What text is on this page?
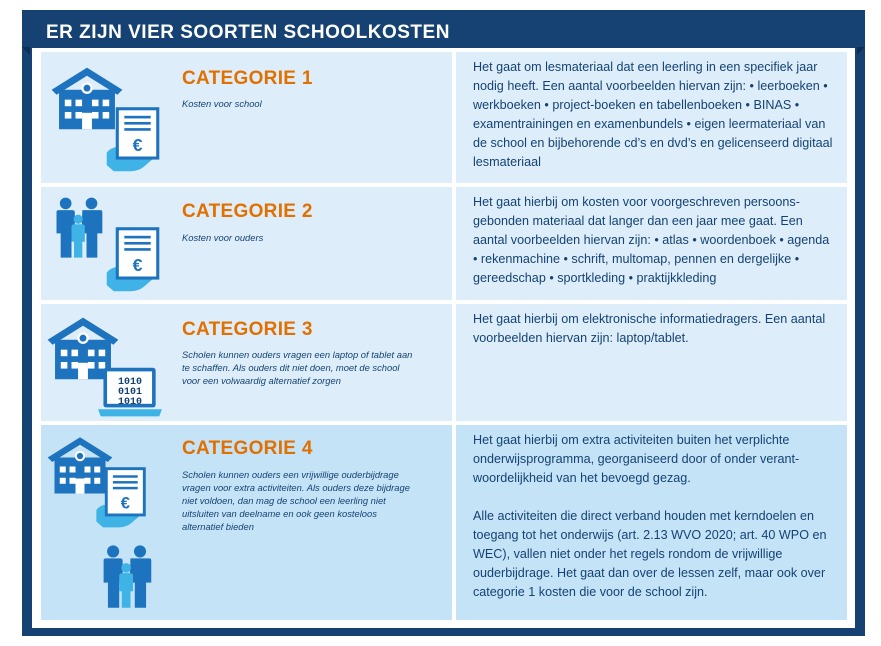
ER ZIJN VIER SOORTEN SCHOOLKOSTEN
CATEGORIE 1
Kosten voor school

Het gaat om lesmateriaal dat een leerling in een specifiek jaar nodig heeft. Een aantal voorbeelden hiervan zijn: • leerboeken • werkboeken • project-boeken en tabellenboeken • BINAS • examentrainingen en examenbundels • eigen leermateriaal van de school en bijbehorende cd’s en dvd’s en gelicenseerd digitaal lesmateriaal

CATEGORIE 2
Kosten voor ouders

Het gaat hierbij om kosten voor voorgeschreven persoons-gebonden materiaal dat langer dan een jaar mee gaat. Een aantal voorbeelden hiervan zijn: • atlas • woordenboek • agenda • rekenmachine • schrift, multomap, pennen en dergelijke • gereedschap • sportkleding • praktijkkleding

1010
0101
1010
CATEGORIE 3
Scholen kunnen ouders vragen een laptop of tablet aan te schaffen. Als ouders dit niet doen, moet de school voor een volwaardig alternatief zorgen

Het gaat hierbij om elektronische informatiedragers. Een aantal voorbeelden hiervan zijn: laptop/tablet.

CATEGORIE 4
Scholen kunnen ouders een vrijwillige ouderbijdrage vragen voor extra activiteiten. Als ouders deze bijdrage niet voldoen, dan mag de school een leerling niet uitsluiten van deelname en ook geen kosteloos alternatief bieden

Het gaat hierbij om extra activiteiten buiten het verplichte onderwijsprogramma, georganiseerd door of onder verant-woordelijkheid van het bevoegd gezag.

Alle activiteiten die direct verband houden met kerndoelen en toegang tot het onderwijs (art. 2.13 WVO 2020; art. 40 WPO en WEC), vallen niet onder het regels rondom de vrijwillige ouderbijdrage. Het gaat dan over de lessen zelf, maar ook over categorie 1 kosten die voor de school zijn.
